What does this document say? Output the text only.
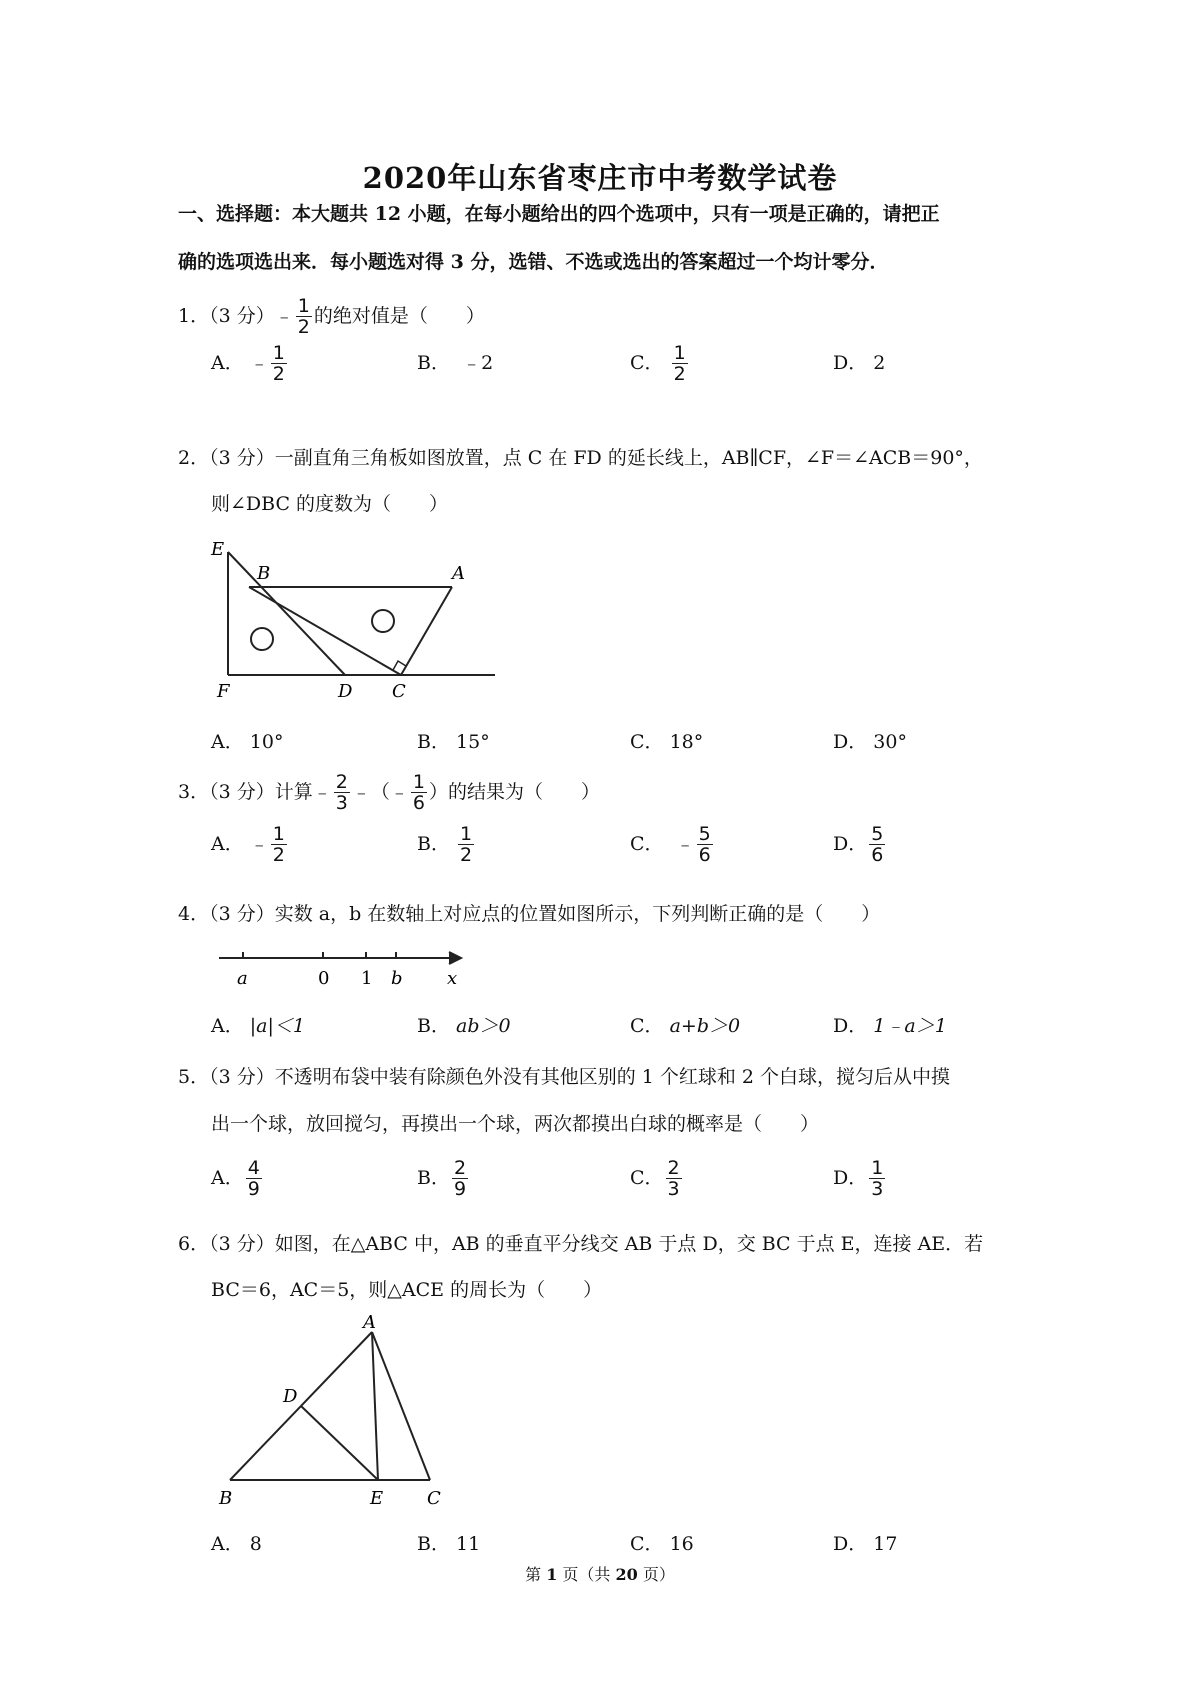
2020年山东省枣庄市中考数学试卷
一、选择题：本大题共 12 小题，在每小题给出的四个选项中，只有一项是正确的，请把正
确的选项选出来．每小题选对得 3 分，选错、不选或选出的答案超过一个均计零分．
1．（3 分） ﹣ $\frac{1}{2}$ 的绝对值是（　　）
A．
﹣ $\frac{1}{2}$	B．
﹣2	C．
$\frac{1}{2}$	D．
2
2．（3 分）一副直角三角板如图放置，点 C 在 FD 的延长线上，AB∥CF，∠F＝∠ACB＝90°，
则∠DBC 的度数为（　　）
E
B	A
F	D C
A．
10°	B．
15°	C．
18°	D．
30°
3．（3 分）计算 ﹣ $\frac{2}{3}$ ﹣（﹣ $\frac{1}{6}$ ）的结果为（　　）
A．
﹣ $\frac{1}{2}$	B．
$\frac{1}{2}$	C．
﹣ $\frac{5}{6}$	D． $\frac{5}{6}$
4．（3 分）实数 a，b 在数轴上对应点的位置如图所示，下列判断正确的是（　　）
a	0 1 b x
A．
|a|＜1	B．
ab＞0	C．
a+b＞0	D．
1﹣a＞1
5．（3 分）不透明布袋中装有除颜色外没有其他区别的 1 个红球和 2 个白球，搅匀后从中摸
出一个球，放回搅匀，再摸出一个球，两次都摸出白球的概率是（　　）
A． $\frac{4}{9}$	B． $\frac{2}{9}$	C． $\frac{2}{3}$	D． $\frac{1}{3}$
6．（3 分）如图，在△ABC 中，AB 的垂直平分线交 AB 于点 D，交 BC 于点 E，连接 AE．若
BC＝6，AC＝5，则△ACE 的周长为（　　）
A
D
B	E C
A．
8	B．
11	C．
16	D．
17
第 1 页（共 20 页）
